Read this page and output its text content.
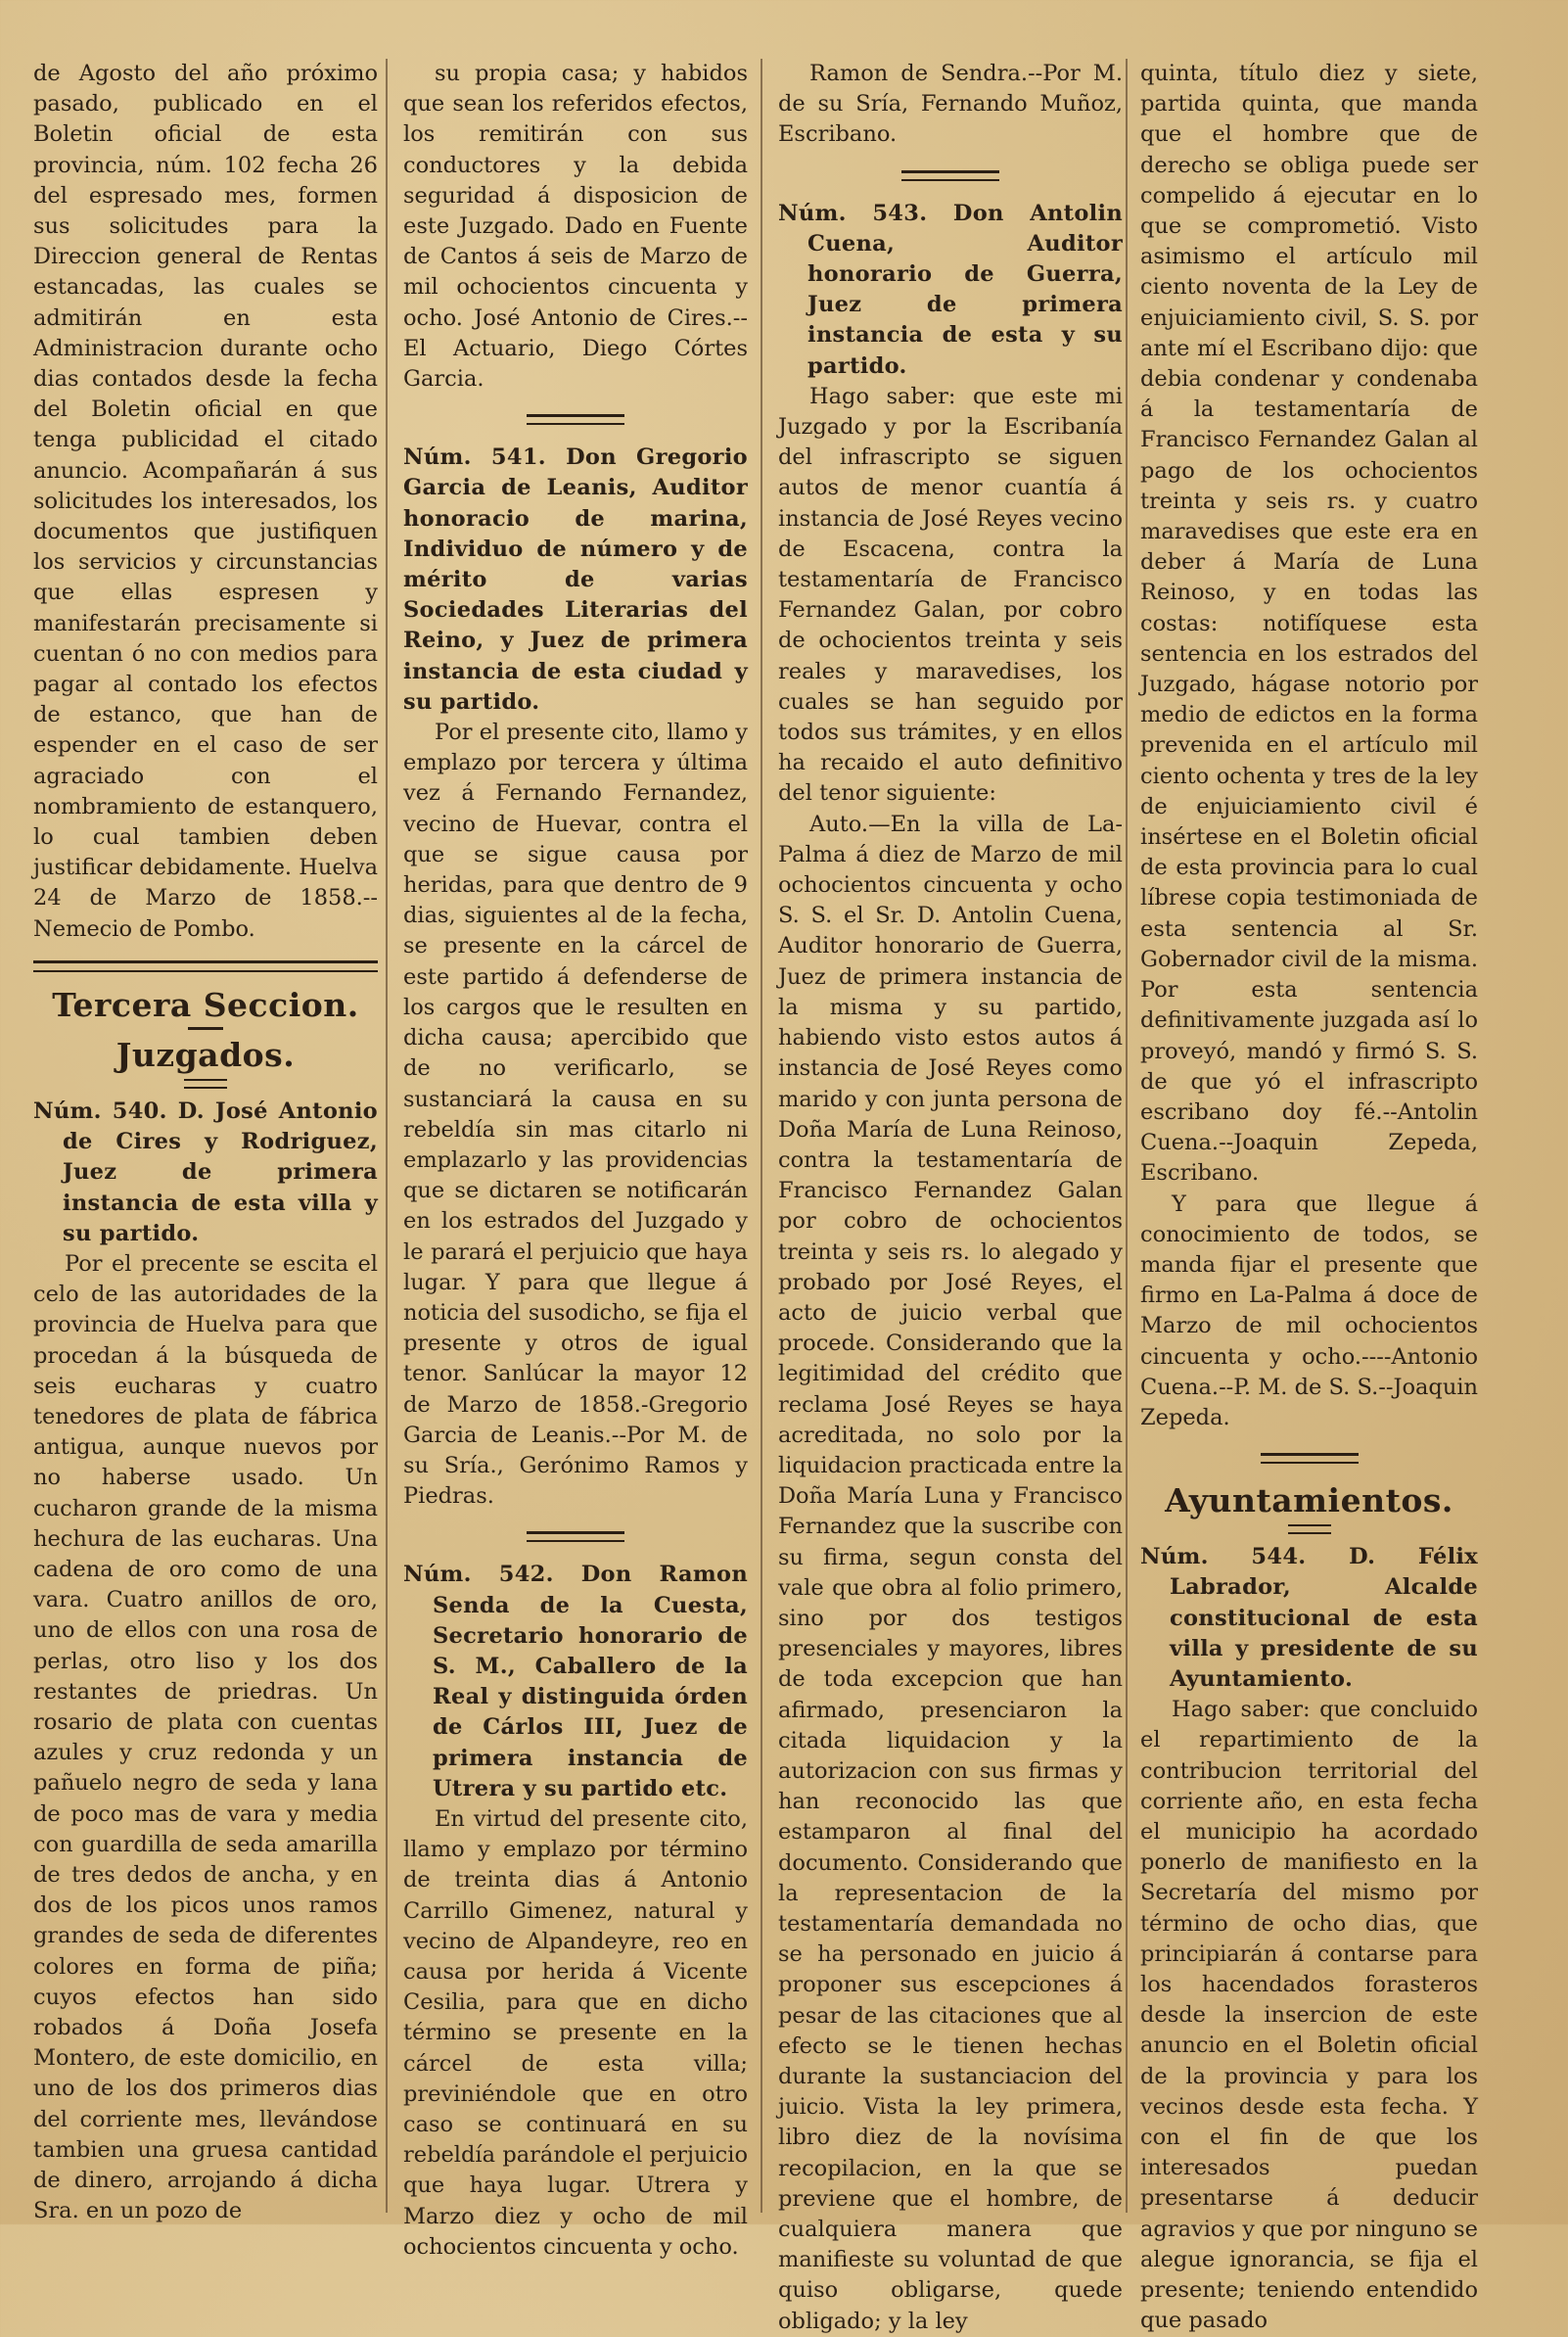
de Agosto del año próximo pasado, publicado en el Boletin oficial de esta provincia, núm. 102 fecha 26 del espresado mes, formen sus solicitudes para la Direccion general de Rentas estancadas, las cuales se admitirán en esta Administracion durante ocho dias contados desde la fecha del Boletin oficial en que tenga publicidad el citado anuncio. Acompañarán á sus solicitudes los interesados, los documentos que justifiquen los servicios y circunstancias que ellas espresen y manifestarán precisamente si cuentan ó no con medios para pagar al contado los efectos de estanco, que han de espender en el caso de ser agraciado con el nombramiento de estanquero, lo cual tambien deben justificar debidamente. Huelva 24 de Marzo de 1858.--Nemecio de Pombo.

Tercera Seccion.
Juzgados.

Núm. 540. D. José Antonio de Cires y Rodriguez, Juez de primera instancia de esta villa y su partido.

Por el precente se escita el celo de las autoridades de la provincia de Huelva para que procedan á la búsqueda de seis eucharas y cuatro tenedores de plata de fábrica antigua, aunque nuevos por no haberse usado. Un cucharon grande de la misma hechura de las eucharas. Una cadena de oro como de una vara. Cuatro anillos de oro, uno de ellos con una rosa de perlas, otro liso y los dos restantes de priedras. Un rosario de plata con cuentas azules y cruz redonda y un pañuelo negro de seda y lana de poco mas de vara y media con guardilla de seda amarilla de tres dedos de ancha, y en dos de los picos unos ramos grandes de seda de diferentes colores en forma de piña; cuyos efectos han sido robados á Doña Josefa Montero, de este domicilio, en uno de los dos primeros dias del corriente mes, llevándose tambien una gruesa cantidad de dinero, arrojando á dicha Sra. en un pozo de

su propia casa; y habidos que sean los referidos efectos, los remitirán con sus conductores y la debida seguridad á disposicion de este Juzgado. Dado en Fuente de Cantos á seis de Marzo de mil ochocientos cincuenta y ocho. José Antonio de Cires.--El Actuario, Diego Córtes Garcia.

Núm. 541. Don Gregorio Garcia de Leanis, Auditor honoracio de marina, Individuo de número y de mérito de varias Sociedades Literarias del Reino, y Juez de primera instancia de esta ciudad y su partido.

Por el presente cito, llamo y emplazo por tercera y última vez á Fernando Fernandez, vecino de Huevar, contra el que se sigue causa por heridas, para que dentro de 9 dias, siguientes al de la fecha, se presente en la cárcel de este partido á defenderse de los cargos que le resulten en dicha causa; apercibido que de no verificarlo, se sustanciará la causa en su rebeldía sin mas citarlo ni emplazarlo y las providencias que se dictaren se notificarán en los estrados del Juzgado y le parará el perjuicio que haya lugar. Y para que llegue á noticia del susodicho, se fija el presente y otros de igual tenor. Sanlúcar la mayor 12 de Marzo de 1858.-Gregorio Garcia de Leanis.--Por M. de su Sría., Gerónimo Ramos y Piedras.

Núm. 542. Don Ramon Senda de la Cuesta, Secretario honorario de S. M., Caballero de la Real y distinguida órden de Cárlos III, Juez de primera instancia de Utrera y su partido etc.

En virtud del presente cito, llamo y emplazo por término de treinta dias á Antonio Carrillo Gimenez, natural y vecino de Alpandeyre, reo en causa por herida á Vicente Cesilia, para que en dicho término se presente en la cárcel de esta villa; previniéndole que en otro caso se continuará en su rebeldía parándole el perjuicio que haya lugar. Utrera y Marzo diez y ocho de mil ochocientos cincuenta y ocho.

Ramon de Sendra.--Por M. de su Sría, Fernando Muñoz, Escribano.

Núm. 543. Don Antolin Cuena, Auditor honorario de Guerra, Juez de primera instancia de esta y su partido.

Hago saber: que este mi Juzgado y por la Escribanía del infrascripto se siguen autos de menor cuantía á instancia de José Reyes vecino de Escacena, contra la testamentaría de Francisco Fernandez Galan, por cobro de ochocientos treinta y seis reales y maravedises, los cuales se han seguido por todos sus trámites, y en ellos ha recaido el auto definitivo del tenor siguiente:

Auto.—En la villa de La-Palma á diez de Marzo de mil ochocientos cincuenta y ocho S. S. el Sr. D. Antolin Cuena, Auditor honorario de Guerra, Juez de primera instancia de la misma y su partido, habiendo visto estos autos á instancia de José Reyes como marido y con junta persona de Doña María de Luna Reinoso, contra la testamentaría de Francisco Fernandez Galan por cobro de ochocientos treinta y seis rs. lo alegado y probado por José Reyes, el acto de juicio verbal que procede. Considerando que la legitimidad del crédito que reclama José Reyes se haya acreditada, no solo por la liquidacion practicada entre la Doña María Luna y Francisco Fernandez que la suscribe con su firma, segun consta del vale que obra al folio primero, sino por dos testigos presenciales y mayores, libres de toda excepcion que han afirmado, presenciaron la citada liquidacion y la autorizacion con sus firmas y han reconocido las que estamparon al final del documento. Considerando que la representacion de la testamentaría demandada no se ha personado en juicio á proponer sus escepciones á pesar de las citaciones que al efecto se le tienen hechas durante la sustanciacion del juicio. Vista la ley primera, libro diez de la novísima recopilacion, en la que se previene que el hombre, de cualquiera manera que manifieste su voluntad de que quiso obligarse, quede obligado; y la ley

quinta, título diez y siete, partida quinta, que manda que el hombre que de derecho se obliga puede ser compelido á ejecutar en lo que se comprometió. Visto asimismo el artículo mil ciento noventa de la Ley de enjuiciamiento civil, S. S. por ante mí el Escribano dijo: que debia condenar y condenaba á la testamentaría de Francisco Fernandez Galan al pago de los ochocientos treinta y seis rs. y cuatro maravedises que este era en deber á María de Luna Reinoso, y en todas las costas: notifíquese esta sentencia en los estrados del Juzgado, hágase notorio por medio de edictos en la forma prevenida en el artículo mil ciento ochenta y tres de la ley de enjuiciamiento civil é insértese en el Boletin oficial de esta provincia para lo cual líbrese copia testimoniada de esta sentencia al Sr. Gobernador civil de la misma. Por esta sentencia definitivamente juzgada así lo proveyó, mandó y firmó S. S. de que yó el infrascripto escribano doy fé.--Antolin Cuena.--Joaquin Zepeda, Escribano.

Y para que llegue á conocimiento de todos, se manda fijar el presente que firmo en La-Palma á doce de Marzo de mil ochocientos cincuenta y ocho.----Antonio Cuena.--P. M. de S. S.--Joaquin Zepeda.

Ayuntamientos.

Núm. 544. D. Félix Labrador, Alcalde constitucional de esta villa y presidente de su Ayuntamiento.

Hago saber: que concluido el repartimiento de la contribucion territorial del corriente año, en esta fecha el municipio ha acordado ponerlo de manifiesto en la Secretaría del mismo por término de ocho dias, que principiarán á contarse para los hacendados forasteros desde la insercion de este anuncio en el Boletin oficial de la provincia y para los vecinos desde esta fecha. Y con el fin de que los interesados puedan presentarse á deducir agravios y que por ninguno se alegue ignorancia, se fija el presente; teniendo entendido que pasado
